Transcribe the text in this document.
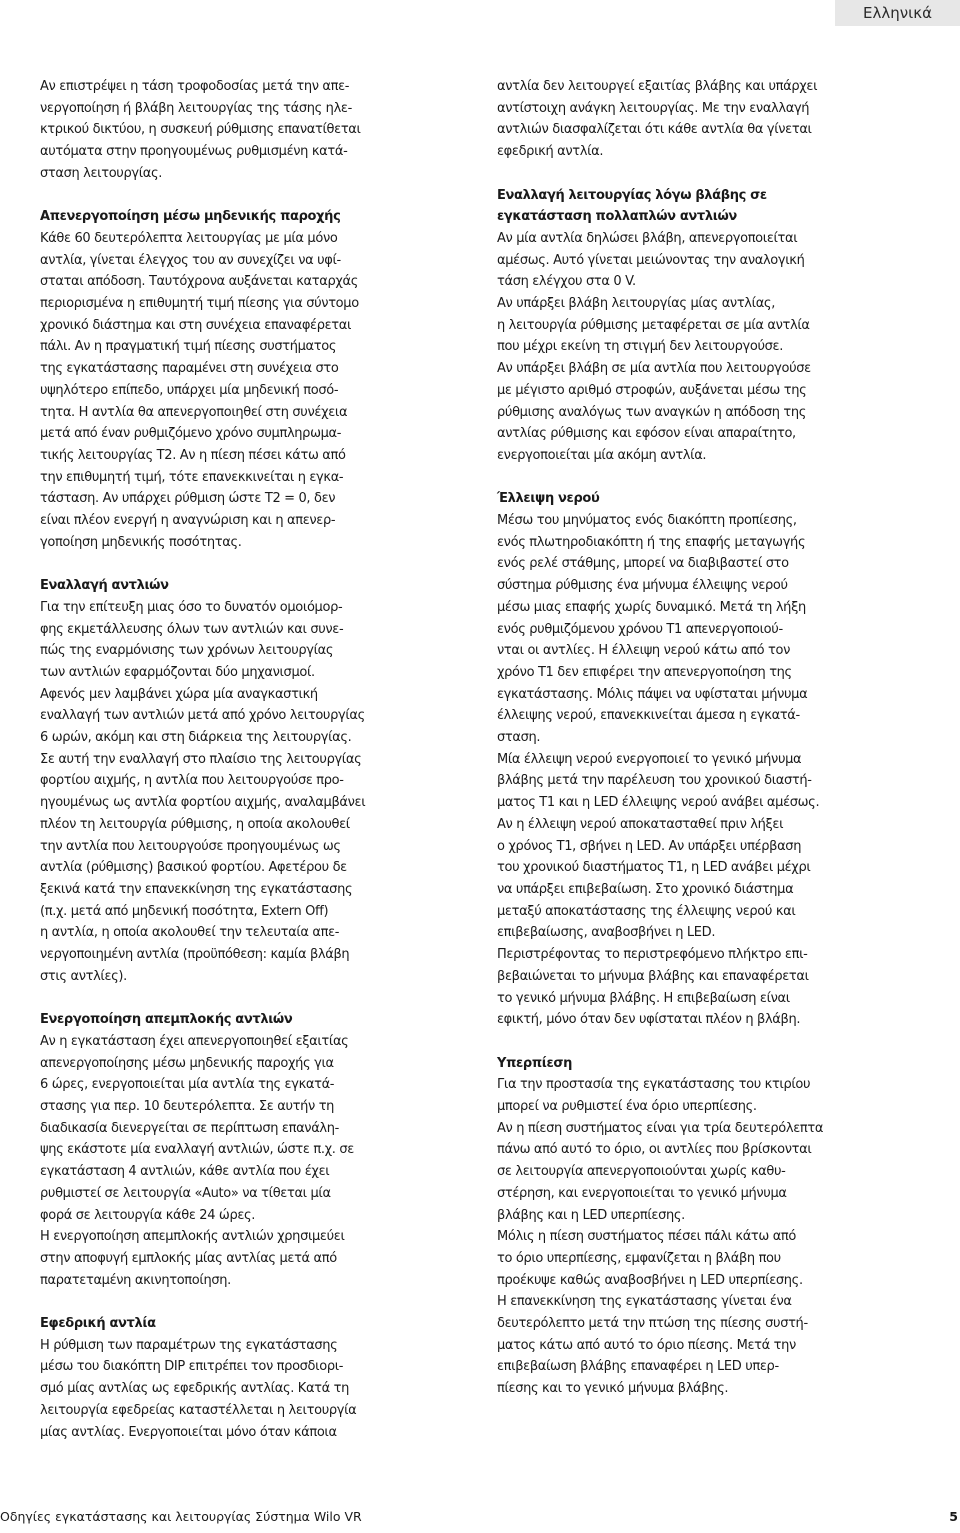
Ελληνικά

Αν επιστρέψει η τάση τροφοδοσίας μετά την απε-

νεργοποίηση ή βλάβη λειτουργίας της τάσης ηλε-

κτρικού δικτύου, η συσκευή ρύθμισης επανατίθεται

αυτόματα στην προηγουμένως ρυθμισμένη κατά-

σταση λειτουργίας.

Απενεργοποίηση μέσω μηδενικής παροχής

Κάθε 60 δευτερόλεπτα λειτουργίας με μία μόνο

αντλία, γίνεται έλεγχος του αν συνεχίζει να υφί-

σταται απόδοση. Ταυτόχρονα αυξάνεται καταρχάς

περιορισμένα η επιθυμητή τιμή πίεσης για σύντομο

χρονικό διάστημα και στη συνέχεια επαναφέρεται

πάλι. Αν η πραγματική τιμή πίεσης συστήματος

της εγκατάστασης παραμένει στη συνέχεια στο

υψηλότερο επίπεδο, υπάρχει μία μηδενική ποσό-

τητα. Η αντλία θα απενεργοποιηθεί στη συνέχεια

μετά από έναν ρυθμιζόμενο χρόνο συμπληρωμα-

τικής λειτουργίας T2. Αν η πίεση πέσει κάτω από

την επιθυμητή τιμή, τότε επανεκκινείται η εγκα-

τάσταση. Αν υπάρχει ρύθμιση ώστε T2 = 0, δεν

είναι πλέον ενεργή η αναγνώριση και η απενερ-

γοποίηση μηδενικής ποσότητας.

Εναλλαγή αντλιών

Για την επίτευξη μιας όσο το δυνατόν ομοιόμορ-

φης εκμετάλλευσης όλων των αντλιών και συνε-

πώς της εναρμόνισης των χρόνων λειτουργίας

των αντλιών εφαρμόζονται δύο μηχανισμοί.

Αφενός μεν λαμβάνει χώρα μία αναγκαστική

εναλλαγή των αντλιών μετά από χρόνο λειτουργίας

6 ωρών, ακόμη και στη διάρκεια της λειτουργίας.

Σε αυτή την εναλλαγή στο πλαίσιο της λειτουργίας

φορτίου αιχμής, η αντλία που λειτουργούσε προ-

ηγουμένως ως αντλία φορτίου αιχμής, αναλαμβάνει

πλέον τη λειτουργία ρύθμισης, η οποία ακολουθεί

την αντλία που λειτουργούσε προηγουμένως ως

αντλία (ρύθμισης) βασικού φορτίου. Αφετέρου δε

ξεκινά κατά την επανεκκίνηση της εγκατάστασης

(π.χ. μετά από μηδενική ποσότητα, Extern Off)

η αντλία, η οποία ακολουθεί την τελευταία απε-

νεργοποιημένη αντλία (προϋπόθεση: καμία βλάβη

στις αντλίες).

Ενεργοποίηση απεμπλοκής αντλιών

Αν η εγκατάσταση έχει απενεργοποιηθεί εξαιτίας

απενεργοποίησης μέσω μηδενικής παροχής για

6 ώρες, ενεργοποιείται μία αντλία της εγκατά-

στασης για περ. 10 δευτερόλεπτα. Σε αυτήν τη

διαδικασία διενεργείται σε περίπτωση επανάλη-

ψης εκάστοτε μία εναλλαγή αντλιών, ώστε π.χ. σε

εγκατάσταση 4 αντλιών, κάθε αντλία που έχει

ρυθμιστεί σε λειτουργία «Auto» να τίθεται μία

φορά σε λειτουργία κάθε 24 ώρες.

Η ενεργοποίηση απεμπλοκής αντλιών χρησιμεύει

στην αποφυγή εμπλοκής μίας αντλίας μετά από

παρατεταμένη ακινητοποίηση.

Εφεδρική αντλία

Η ρύθμιση των παραμέτρων της εγκατάστασης

μέσω του διακόπτη DIP επιτρέπει τον προσδιορι-

σμό μίας αντλίας ως εφεδρικής αντλίας. Κατά τη

λειτουργία εφεδρείας καταστέλλεται η λειτουργία

μίας αντλίας. Ενεργοποιείται μόνο όταν κάποια

αντλία δεν λειτουργεί εξαιτίας βλάβης και υπάρχει

αντίστοιχη ανάγκη λειτουργίας. Με την εναλλαγή

αντλιών διασφαλίζεται ότι κάθε αντλία θα γίνεται

εφεδρική αντλία.

Εναλλαγή λειτουργίας λόγω βλάβης σε
εγκατάσταση πολλαπλών αντλιών

Αν μία αντλία δηλώσει βλάβη, απενεργοποιείται

αμέσως. Αυτό γίνεται μειώνοντας την αναλογική

τάση ελέγχου στα 0 V.

Αν υπάρξει βλάβη λειτουργίας μίας αντλίας,

η λειτουργία ρύθμισης μεταφέρεται σε μία αντλία

που μέχρι εκείνη τη στιγμή δεν λειτουργούσε.

Αν υπάρξει βλάβη σε μία αντλία που λειτουργούσε

με μέγιστο αριθμό στροφών, αυξάνεται μέσω της

ρύθμισης αναλόγως των αναγκών η απόδοση της

αντλίας ρύθμισης και εφόσον είναι απαραίτητο,

ενεργοποιείται μία ακόμη αντλία.

Έλλειψη νερού

Μέσω του μηνύματος ενός διακόπτη προπίεσης,

ενός πλωτηροδιακόπτη ή της επαφής μεταγωγής

ενός ρελέ στάθμης, μπορεί να διαβιβαστεί στο

σύστημα ρύθμισης ένα μήνυμα έλλειψης νερού

μέσω μιας επαφής χωρίς δυναμικό. Μετά τη λήξη

ενός ρυθμιζόμενου χρόνου T1 απενεργοποιού-

νται οι αντλίες. Η έλλειψη νερού κάτω από τον

χρόνο T1 δεν επιφέρει την απενεργοποίηση της

εγκατάστασης. Μόλις πάψει να υφίσταται μήνυμα

έλλειψης νερού, επανεκκινείται άμεσα η εγκατά-

σταση.

Μία έλλειψη νερού ενεργοποιεί το γενικό μήνυμα

βλάβης μετά την παρέλευση του χρονικού διαστή-

ματος T1 και η LED έλλειψης νερού ανάβει αμέσως.

Αν η έλλειψη νερού αποκατασταθεί πριν λήξει

ο χρόνος T1, σβήνει η LED. Αν υπάρξει υπέρβαση

του χρονικού διαστήματος T1, η LED ανάβει μέχρι

να υπάρξει επιβεβαίωση. Στο χρονικό διάστημα

μεταξύ αποκατάστασης της έλλειψης νερού και

επιβεβαίωσης, αναβοσβήνει η LED.

Περιστρέφοντας το περιστρεφόμενο πλήκτρο επι-

βεβαιώνεται το μήνυμα βλάβης και επαναφέρεται

το γενικό μήνυμα βλάβης. Η επιβεβαίωση είναι

εφικτή, μόνο όταν δεν υφίσταται πλέον η βλάβη.

Υπερπίεση

Για την προστασία της εγκατάστασης του κτιρίου

μπορεί να ρυθμιστεί ένα όριο υπερπίεσης.

Αν η πίεση συστήματος είναι για τρία δευτερόλεπτα

πάνω από αυτό το όριο, οι αντλίες που βρίσκονται

σε λειτουργία απενεργοποιούνται χωρίς καθυ-

στέρηση, και ενεργοποιείται το γενικό μήνυμα

βλάβης και η LED υπερπίεσης.

Μόλις η πίεση συστήματος πέσει πάλι κάτω από

το όριο υπερπίεσης, εμφανίζεται η βλάβη που

προέκυψε καθώς αναβοσβήνει η LED υπερπίεσης.

Η επανεκκίνηση της εγκατάστασης γίνεται ένα

δευτερόλεπτο μετά την πτώση της πίεσης συστή-

ματος κάτω από αυτό το όριο πίεσης. Μετά την

επιβεβαίωση βλάβης επαναφέρει η LED υπερ-

πίεσης και το γενικό μήνυμα βλάβης.

Οδηγίες εγκατάστασης και λειτουργίας Σύστημα Wilo VR	5
